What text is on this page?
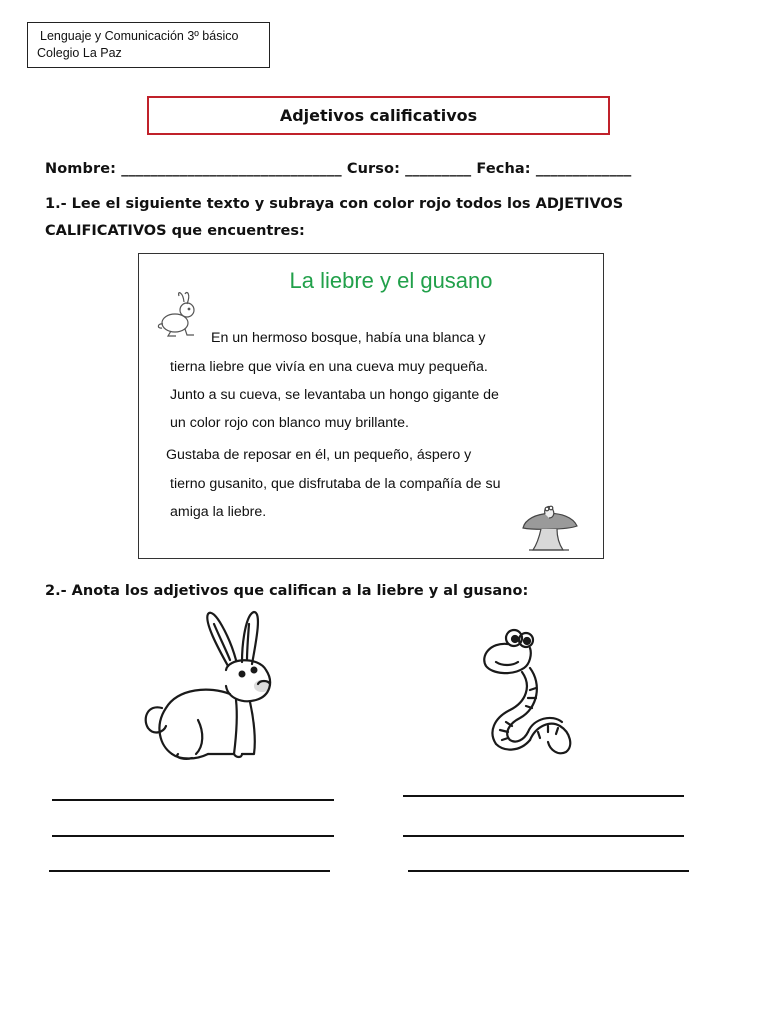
Lenguaje y Comunicación 3º básico
Colegio La Paz
Adjetivos calificativos
Nombre: ______________________________ Curso: _________ Fecha: _____________
1.- Lee el siguiente texto y subraya con color rojo todos los ADJETIVOS
CALIFICATIVOS que encuentres:
La liebre y el gusano
En un hermoso bosque, había una blanca y
tierna liebre que vivía en una cueva muy pequeña.
Junto a su cueva, se levantaba un hongo gigante de
un color rojo con blanco muy brillante.
Gustaba de reposar en él, un pequeño, áspero y
tierno gusanito, que disfrutaba de la compañía de su
amiga la liebre.
2.- Anota los adjetivos que califican a la liebre y al gusano:
